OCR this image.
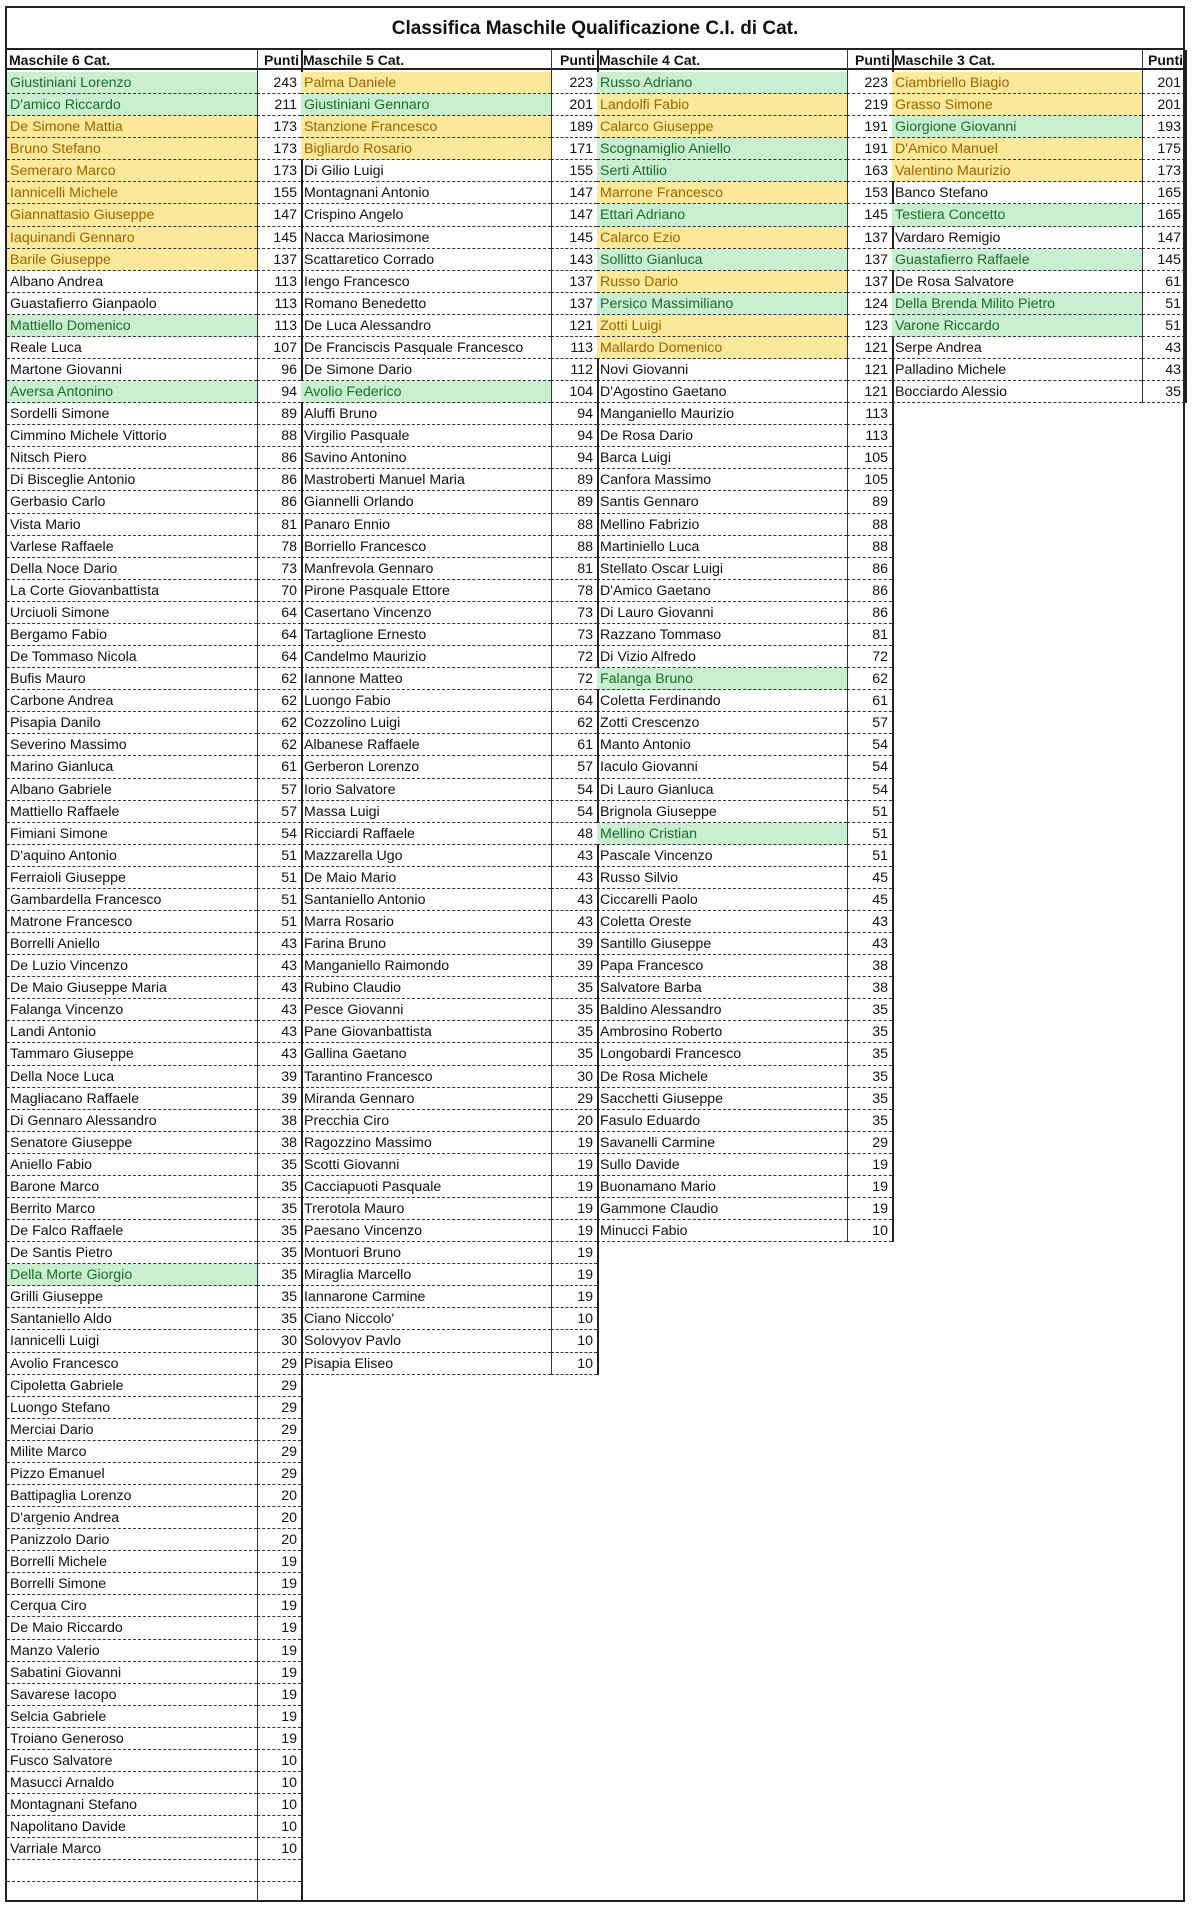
Classifica Maschile Qualificazione C.I. di Cat.
Maschile 6 Cat.	Punti
Giustiniani Lorenzo	243
D'amico Riccardo	211
De Simone Mattia	173
Bruno Stefano	173
Semeraro Marco	173
Iannicelli Michele	155
Giannattasio Giuseppe	147
Iaquinandi Gennaro	145
Barile Giuseppe	137
Albano Andrea	113
Guastafierro Gianpaolo	113
Mattiello Domenico	113
Reale Luca	107
Martone Giovanni	96
Aversa Antonino	94
Sordelli Simone	89
Cimmino Michele Vittorio	88
Nitsch Piero	86
Di Bisceglie Antonio	86
Gerbasio Carlo	86
Vista Mario	81
Varlese Raffaele	78
Della Noce Dario	73
La Corte Giovanbattista	70
Urciuoli Simone	64
Bergamo Fabio	64
De Tommaso Nicola	64
Bufis Mauro	62
Carbone Andrea	62
Pisapia Danilo	62
Severino Massimo	62
Marino Gianluca	61
Albano Gabriele	57
Mattiello Raffaele	57
Fimiani Simone	54
D'aquino Antonio	51
Ferraioli Giuseppe	51
Gambardella Francesco	51
Matrone Francesco	51
Borrelli Aniello	43
De Luzio Vincenzo	43
De Maio Giuseppe Maria	43
Falanga Vincenzo	43
Landi Antonio	43
Tammaro Giuseppe	43
Della Noce Luca	39
Magliacano Raffaele	39
Di Gennaro Alessandro	38
Senatore Giuseppe	38
Aniello Fabio	35
Barone Marco	35
Berrito Marco	35
De Falco Raffaele	35
De Santis Pietro	35
Della Morte Giorgio	35
Grilli Giuseppe	35
Santaniello Aldo	35
Iannicelli Luigi	30
Avolio Francesco	29
Cipoletta Gabriele	29
Luongo Stefano	29
Merciai Dario	29
Milite Marco	29
Pizzo Emanuel	29
Battipaglia Lorenzo	20
D'argenio Andrea	20
Panizzolo Dario	20
Borrelli Michele	19
Borrelli Simone	19
Cerqua Ciro	19
De Maio Riccardo	19
Manzo Valerio	19
Sabatini Giovanni	19
Savarese Iacopo	19
Selcia Gabriele	19
Troiano Generoso	19
Fusco Salvatore	10
Masucci Arnaldo	10
Montagnani Stefano	10
Napolitano Davide	10
Varriale Marco	10
Maschile 5 Cat.	Punti
Palma Daniele	223
Giustiniani Gennaro	201
Stanzione Francesco	189
Bigliardo Rosario	171
Di Gilio Luigi	155
Montagnani Antonio	147
Crispino Angelo	147
Nacca Mariosimone	145
Scattaretico Corrado	143
Iengo Francesco	137
Romano Benedetto	137
De Luca Alessandro	121
De Franciscis Pasquale Francesco	113
De Simone Dario	112
Avolio Federico	104
Aluffi Bruno	94
Virgilio Pasquale	94
Savino Antonino	94
Mastroberti Manuel Maria	89
Giannelli Orlando	89
Panaro Ennio	88
Borriello Francesco	88
Manfrevola Gennaro	81
Pirone Pasquale Ettore	78
Casertano Vincenzo	73
Tartaglione Ernesto	73
Candelmo Maurizio	72
Iannone Matteo	72
Luongo Fabio	64
Cozzolino Luigi	62
Albanese Raffaele	61
Gerberon Lorenzo	57
Iorio Salvatore	54
Massa Luigi	54
Ricciardi Raffaele	48
Mazzarella Ugo	43
De Maio Mario	43
Santaniello Antonio	43
Marra Rosario	43
Farina Bruno	39
Manganiello Raimondo	39
Rubino Claudio	35
Pesce Giovanni	35
Pane Giovanbattista	35
Gallina Gaetano	35
Tarantino Francesco	30
Miranda Gennaro	29
Precchia Ciro	20
Ragozzino Massimo	19
Scotti Giovanni	19
Cacciapuoti Pasquale	19
Trerotola Mauro	19
Paesano Vincenzo	19
Montuori Bruno	19
Miraglia Marcello	19
Iannarone Carmine	19
Ciano Niccolo'	10
Solovyov Pavlo	10
Pisapia Eliseo	10
Maschile 4 Cat.	Punti
Russo Adriano	223
Landolfi Fabio	219
Calarco Giuseppe	191
Scognamiglio Aniello	191
Serti Attilio	163
Marrone Francesco	153
Ettari Adriano	145
Calarco Ezio	137
Sollitto Gianluca	137
Russo Dario	137
Persico Massimiliano	124
Zotti Luigi	123
Mallardo Domenico	121
Novi Giovanni	121
D'Agostino Gaetano	121
Manganiello Maurizio	113
De Rosa Dario	113
Barca Luigi	105
Canfora Massimo	105
Santis Gennaro	89
Mellino Fabrizio	88
Martiniello Luca	88
Stellato Oscar Luigi	86
D'Amico Gaetano	86
Di Lauro Giovanni	86
Razzano Tommaso	81
Di Vizio Alfredo	72
Falanga Bruno	62
Coletta Ferdinando	61
Zotti Crescenzo	57
Manto Antonio	54
Iaculo Giovanni	54
Di Lauro Gianluca	54
Brignola Giuseppe	51
Mellino Cristian	51
Pascale Vincenzo	51
Russo Silvio	45
Ciccarelli Paolo	45
Coletta Oreste	43
Santillo Giuseppe	43
Papa Francesco	38
Salvatore Barba	38
Baldino Alessandro	35
Ambrosino Roberto	35
Longobardi Francesco	35
De Rosa Michele	35
Sacchetti Giuseppe	35
Fasulo Eduardo	35
Savanelli Carmine	29
Sullo Davide	19
Buonamano Mario	19
Gammone Claudio	19
Minucci Fabio	10
Maschile 3 Cat.	Punti
Ciambriello Biagio	201
Grasso Simone	201
Giorgione Giovanni	193
D'Amico Manuel	175
Valentino Maurizio	173
Banco Stefano	165
Testiera Concetto	165
Vardaro Remigio	147
Guastafierro Raffaele	145
De Rosa Salvatore	61
Della Brenda Milito Pietro	51
Varone Riccardo	51
Serpe Andrea	43
Palladino Michele	43
Bocciardo Alessio	35
